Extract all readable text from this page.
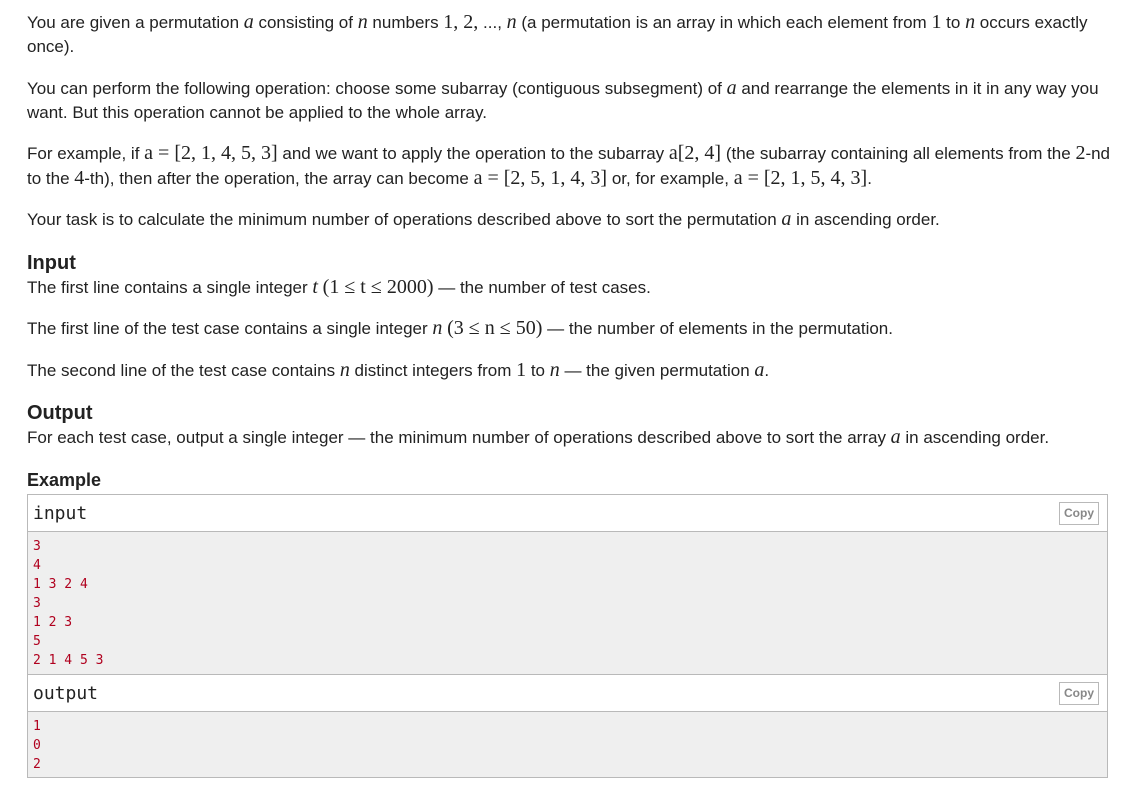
You are given a permutation a consisting of n numbers 1, 2, ..., n (a permutation is an array in which each element from 1 to n occurs exactly once).

You can perform the following operation: choose some subarray (contiguous subsegment) of a and rearrange the elements in it in any way you want. But this operation cannot be applied to the whole array.

For example, if a = [2, 1, 4, 5, 3] and we want to apply the operation to the subarray a[2, 4] (the subarray containing all elements from the 2-nd to the 4-th), then after the operation, the array can become a = [2, 5, 1, 4, 3] or, for example, a = [2, 1, 5, 4, 3].

Your task is to calculate the minimum number of operations described above to sort the permutation a in ascending order.

Input

The first line contains a single integer t (1 ≤ t ≤ 2000) — the number of test cases.

The first line of the test case contains a single integer n (3 ≤ n ≤ 50) — the number of elements in the permutation.

The second line of the test case contains n distinct integers from 1 to n — the given permutation a.

Output

For each test case, output a single integer — the minimum number of operations described above to sort the array a in ascending order.

Example
input	Copy
3
4
1 3 2 4
3
1 2 3
5
2 1 4 5 3
output	Copy
1
0
2
